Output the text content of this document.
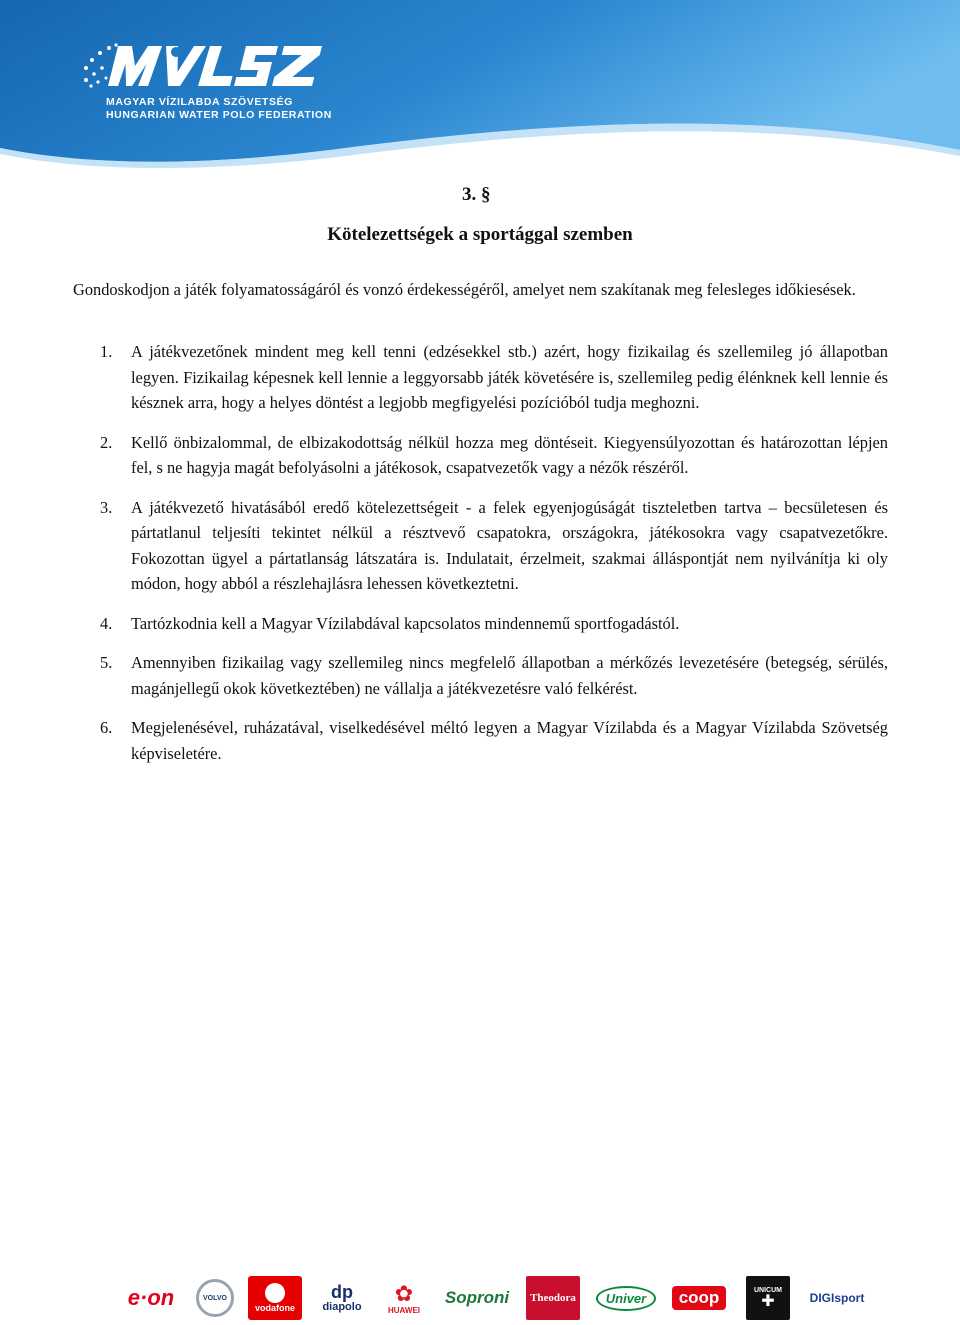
MAGYAR VÍZILABDA SZÖVETSÉG
HUNGARIAN WATER POLO FEDERATION
3. §
Kötelezettségek a sportággal szemben
Gondoskodjon a játék folyamatosságáról és vonzó érdekességéről, amelyet nem szakítanak meg felesleges időkiesések.
1. A játékvezetőnek mindent meg kell tenni (edzésekkel stb.) azért, hogy fizikailag és szellemileg jó állapotban legyen. Fizikailag képesnek kell lennie a leggyorsabb játék követésére is, szellemileg pedig élénknek kell lennie és késznek arra, hogy a helyes döntést a legjobb megfigyelési pozícióból tudja meghozni.
2. Kellő önbizalommal, de elbizakodottság nélkül hozza meg döntéseit. Kiegyensúlyozottan és határozottan lépjen fel, s ne hagyja magát befolyásolni a játékosok, csapatvezetők vagy a nézők részéről.
3. A játékvezető hivatásából eredő kötelezettségeit - a felek egyenjogúságát tiszteletben tartva – becsületesen és pártatlanul teljesíti tekintet nélkül a résztvevő csapatokra, országokra, játékosokra vagy csapatvezetőkre. Fokozottan ügyel a pártatlanság látszatára is. Indulatait, érzelmeit, szakmai álláspontját nem nyilvánítja ki oly módon, hogy abból a részlehajlásra lehessen következtetni.
4. Tartózkodnia kell a Magyar Vízilabdával kapcsolatos mindennemű sportfogadástól.
5. Amennyiben fizikailag vagy szellemileg nincs megfelelő állapotban a mérkőzés levezetésére (betegség, sérülés, magánjellegű okok következtében) ne vállalja a játékvezetésre való felkérést.
6. Megjelenésével, ruházatával, viselkedésével méltó legyen a Magyar Vízilabda és a Magyar Vízilabda Szövetség képviseletére.
e·on	VOLVO
vodafone
dp
diapolo
✿
HUAWEI
Soproni Theodora	Univer	coop	UNICUM
✚	DIGIsport
